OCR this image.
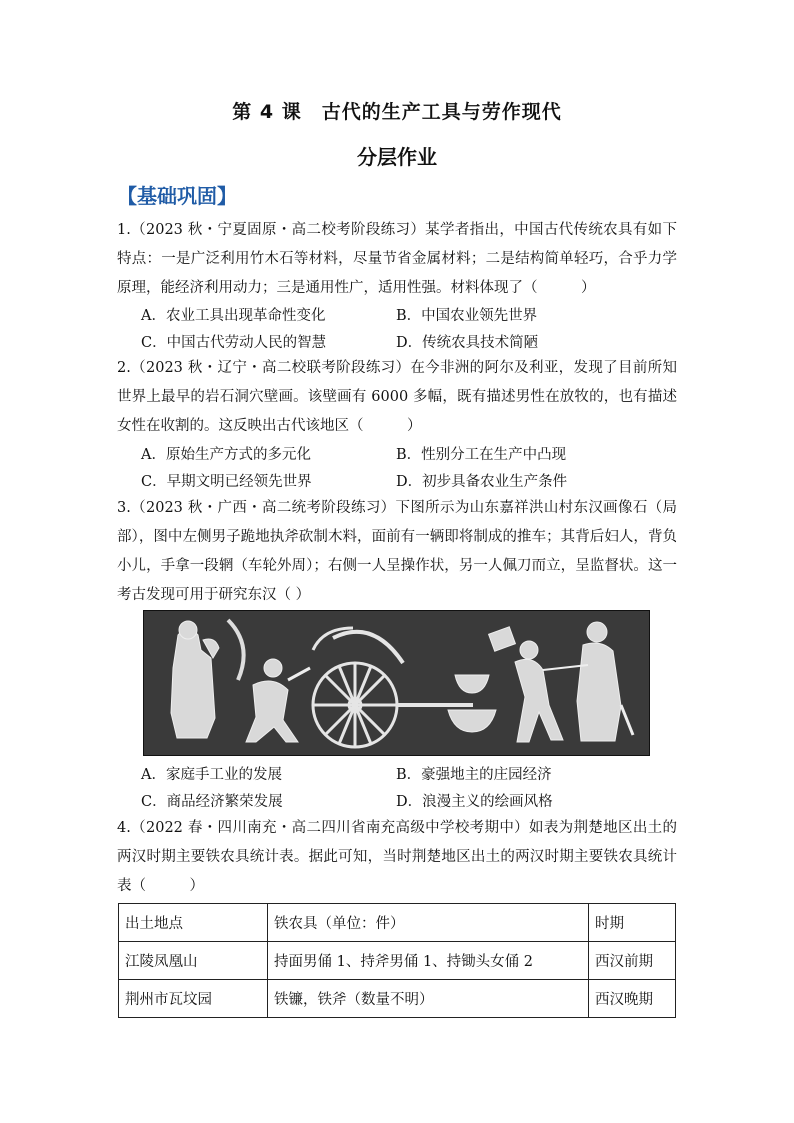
第 4 课　古代的生产工具与劳作现代
分层作业
【基础巩固】
1.（2023 秋・宁夏固原・高二校考阶段练习）某学者指出，中国古代传统农具有如下特点：一是广泛利用竹木石等材料，尽量节省金属材料；二是结构简单轻巧，合乎力学原理，能经济利用动力；三是通用性广，适用性强。材料体现了（　　　）
A．农业工具出现革命性变化	B．中国农业领先世界
C．中国古代劳动人民的智慧	D．传统农具技术简陋
2.（2023 秋・辽宁・高二校联考阶段练习）在今非洲的阿尔及利亚，发现了目前所知世界上最早的岩石洞穴壁画。该壁画有 6000 多幅，既有描述男性在放牧的，也有描述女性在收割的。这反映出古代该地区（　　　）
A．原始生产方式的多元化	B．性别分工在生产中凸现
C．早期文明已经领先世界	D．初步具备农业生产条件
3.（2023 秋・广西・高二统考阶段练习）下图所示为山东嘉祥洪山村东汉画像石（局部），图中左侧男子跪地执斧砍制木料，面前有一辆即将制成的推车；其背后妇人，背负小儿，手拿一段辋（车轮外周）；右侧一人呈操作状，另一人佩刀而立，呈监督状。这一考古发现可用于研究东汉（ ）
A．家庭手工业的发展	B．豪强地主的庄园经济
C．商品经济繁荣发展	D．浪漫主义的绘画风格
4.（2022 春・四川南充・高二四川省南充高级中学校考期中）如表为荆楚地区出土的两汉时期主要铁农具统计表。据此可知，当时荆楚地区出土的两汉时期主要铁农具统计表（　　　）
出土地点	铁农具（单位：件）	时期
江陵凤凰山	持面男俑 1、持斧男俑 1、持锄头女俑 2	西汉前期
荆州市瓦坟园	铁镰，铁斧（数量不明）	西汉晚期
